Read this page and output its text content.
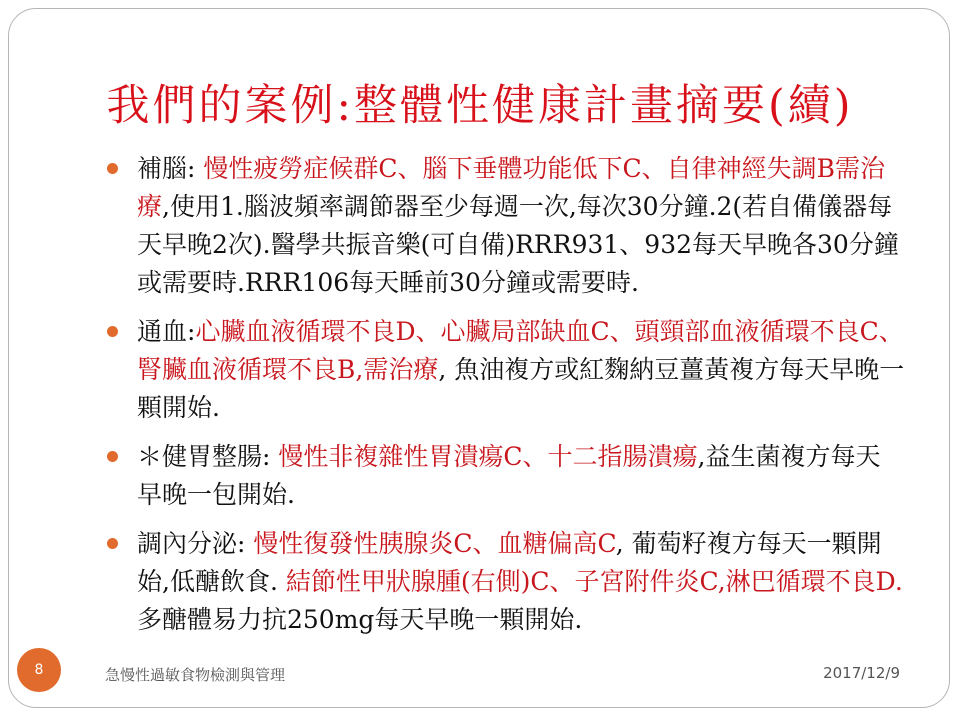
我們的案例:整體性健康計畫摘要(續)
補腦: 慢性疲勞症候群C、腦下垂體功能低下C、自律神經失調B需治療,使用1.腦波頻率調節器至少每週一次,每次30分鐘.2(若自備儀器每天早晚2次).醫學共振音樂(可自備)RRR931、932每天早晚各30分鐘或需要時.RRR106每天睡前30分鐘或需要時.
通血:心臟血液循環不良D、心臟局部缺血C、頭頸部血液循環不良C、腎臟血液循環不良B,需治療, 魚油複方或紅麴納豆薑黃複方每天早晚一顆開始.
＊健胃整腸: 慢性非複雜性胃潰瘍C、十二指腸潰瘍,益生菌複方每天早晚一包開始.
調內分泌: 慢性復發性胰腺炎C、血糖偏高C, 葡萄籽複方每天一顆開始,低醣飲食. 結節性甲狀腺腫(右側)C、子宮附件炎C,淋巴循環不良D.多醣體易力抗250mg每天早晚一顆開始.
8	急慢性過敏食物檢測與管理	2017/12/9
